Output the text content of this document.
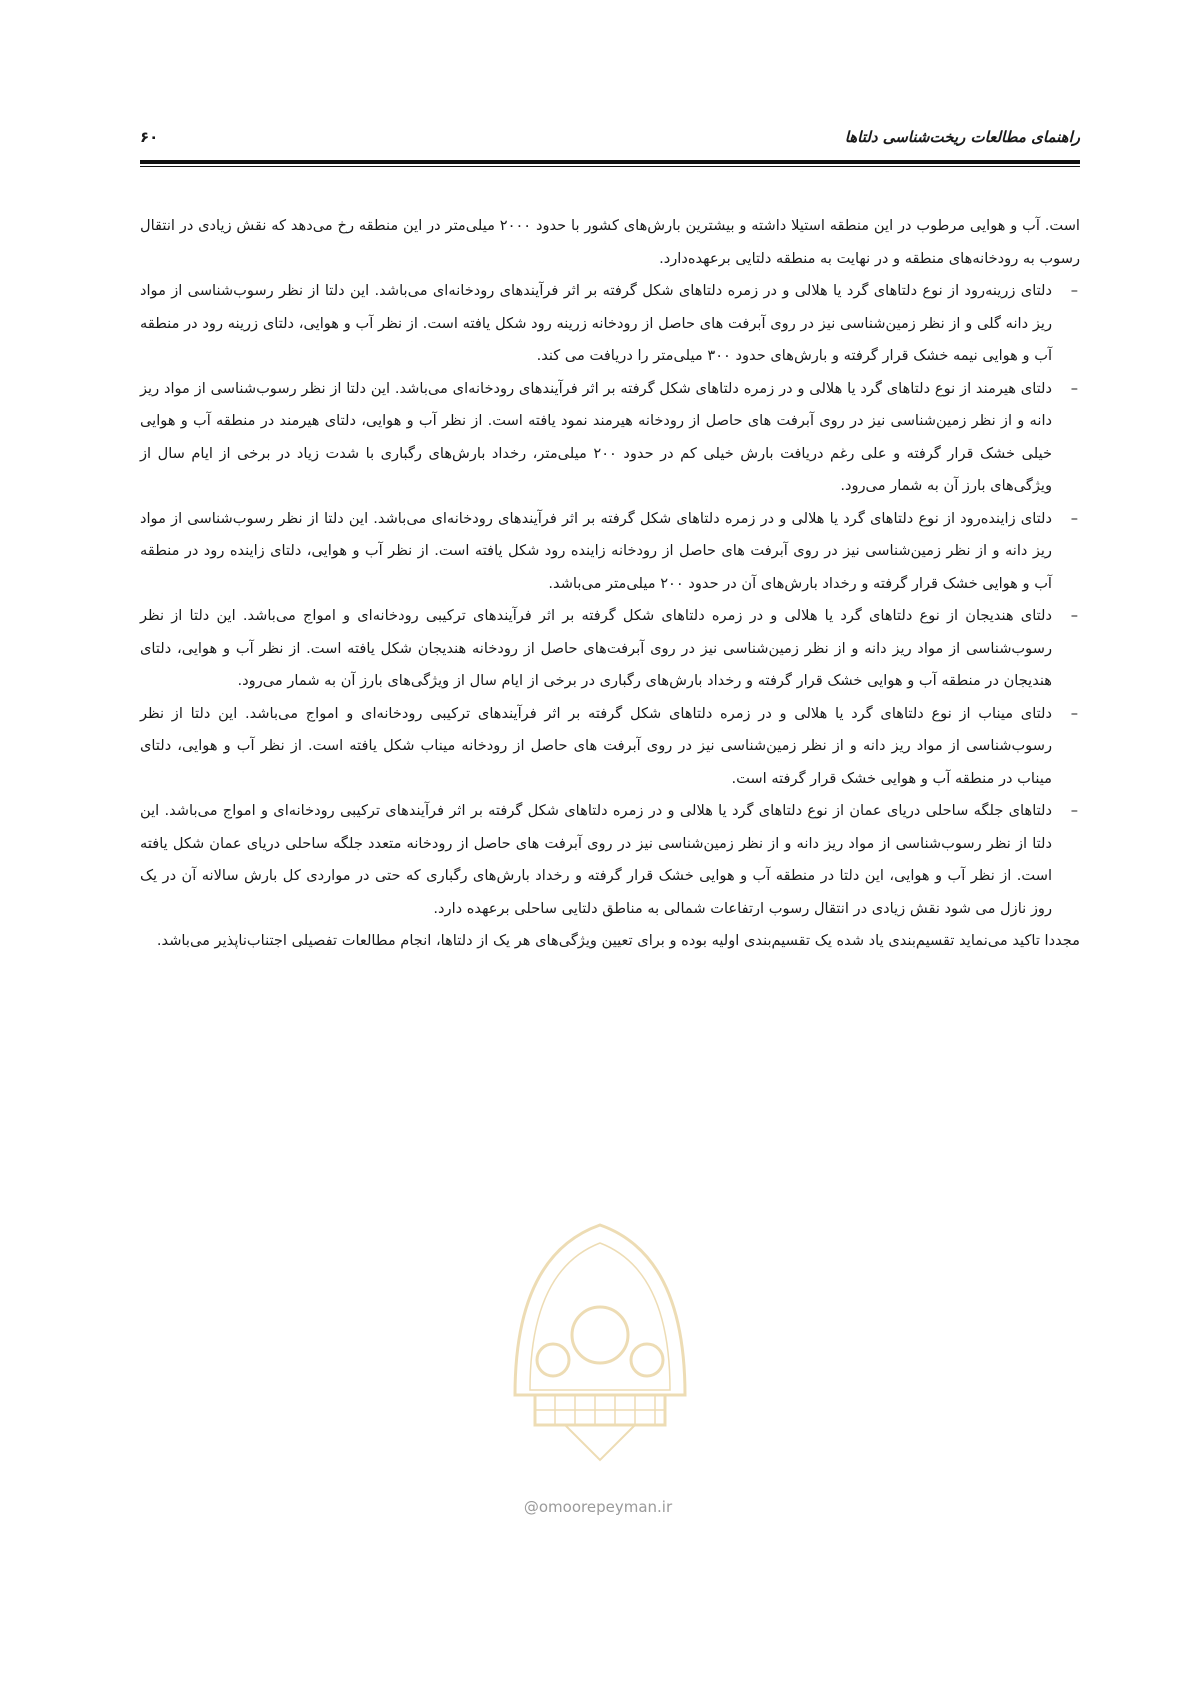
راهنمای مطالعات ریخت‌شناسی دلتاها
۶۰

است. آب و هوایی مرطوب در این منطقه استیلا داشته و بیشترین بارش‌های کشور با حدود ۲۰۰۰ میلی‌متر در این منطقه رخ می‌دهد که نقش زیادی در انتقال رسوب به رودخانه‌های منطقه و در نهایت به منطقه دلتایی برعهده‌دارد.

–
دلتای زرینه‌رود از نوع دلتاهای گرد یا هلالی و در زمره دلتاهای شکل گرفته بر اثر فرآیندهای رودخانه‌ای می‌باشد. این دلتا از نظر رسوب‌شناسی از مواد ریز دانه گلی و از نظر زمین‌شناسی نیز در روی آبرفت های حاصل از رودخانه زرینه رود شکل یافته است. از نظر آب و هوایی، دلتای زرینه رود در منطقه آب و هوایی نیمه خشک قرار گرفته و بارش‌های حدود ۳۰۰ میلی‌متر را دریافت می کند.
–
دلتای هیرمند از نوع دلتاهای گرد یا هلالی و در زمره دلتاهای شکل گرفته بر اثر فرآیندهای رودخانه‌ای می‌باشد. این دلتا از نظر رسوب‌شناسی از مواد ریز دانه و از نظر زمین‌شناسی نیز در روی آبرفت های حاصل از رودخانه هیرمند نمود یافته است. از نظر آب و هوایی، دلتای هیرمند در منطقه آب و هوایی خیلی خشک قرار گرفته و علی رغم دریافت بارش خیلی کم در حدود ۲۰۰ میلی‌متر، رخداد بارش‌های رگباری با شدت زیاد در برخی از ایام سال از ویژگی‌های بارز آن به شمار می‌رود.
–
دلتای زاینده‌رود از نوع دلتاهای گرد یا هلالی و در زمره دلتاهای شکل گرفته بر اثر فرآیندهای رودخانه‌ای می‌باشد. این دلتا از نظر رسوب‌شناسی از مواد ریز دانه و از نظر زمین‌شناسی نیز در روی آبرفت های حاصل از رودخانه زاینده رود شکل یافته است. از نظر آب و هوایی، دلتای زاینده رود در منطقه آب و هوایی خشک قرار گرفته و رخداد بارش‌های آن در حدود ۲۰۰ میلی‌متر می‌باشد.
–
دلتای هندیجان از نوع دلتاهای گرد یا هلالی و در زمره دلتاهای شکل گرفته بر اثر فرآیندهای ترکیبی رودخانه‌ای و امواج می‌باشد. این دلتا از نظر رسوب‌شناسی از مواد ریز دانه و از نظر زمین‌شناسی نیز در روی آبرفت‌های حاصل از رودخانه هندیجان شکل یافته است. از نظر آب و هوایی، دلتای هندیجان در منطقه آب و هوایی خشک قرار گرفته و رخداد بارش‌های رگباری در برخی از ایام سال از ویژگی‌های بارز آن به شمار می‌رود.
–
دلتای میناب از نوع دلتاهای گرد یا هلالی و در زمره دلتاهای شکل گرفته بر اثر فرآیندهای ترکیبی رودخانه‌ای و امواج می‌باشد. این دلتا از نظر رسوب‌شناسی از مواد ریز دانه و از نظر زمین‌شناسی نیز در روی آبرفت های حاصل از رودخانه میناب شکل یافته است. از نظر آب و هوایی، دلتای میناب در منطقه آب و هوایی خشک قرار گرفته است.
–
دلتاهای جلگه ساحلی دریای عمان از نوع دلتاهای گرد یا هلالی و در زمره دلتاهای شکل گرفته بر اثر فرآیندهای ترکیبی رودخانه‌ای و امواج می‌باشد. این دلتا از نظر رسوب‌شناسی از مواد ریز دانه و از نظر زمین‌شناسی نیز در روی آبرفت های حاصل از رودخانه متعدد جلگه ساحلی دریای عمان شکل یافته است. از نظر آب و هوایی، این دلتا در منطقه آب و هوایی خشک قرار گرفته و رخداد بارش‌های رگباری که حتی در مواردی کل بارش سالانه آن در یک روز نازل می شود نقش زیادی در انتقال رسوب ارتفاعات شمالی به مناطق دلتایی ساحلی برعهده دارد.

مجددا تاکید می‌نماید تقسیم‌بندی یاد شده یک تقسیم‌بندی اولیه بوده و برای تعیین ویژگی‌های هر یک از دلتاها، انجام مطالعات تفصیلی اجتناب‌ناپذیر می‌باشد.

@omoorepeyman.ir
